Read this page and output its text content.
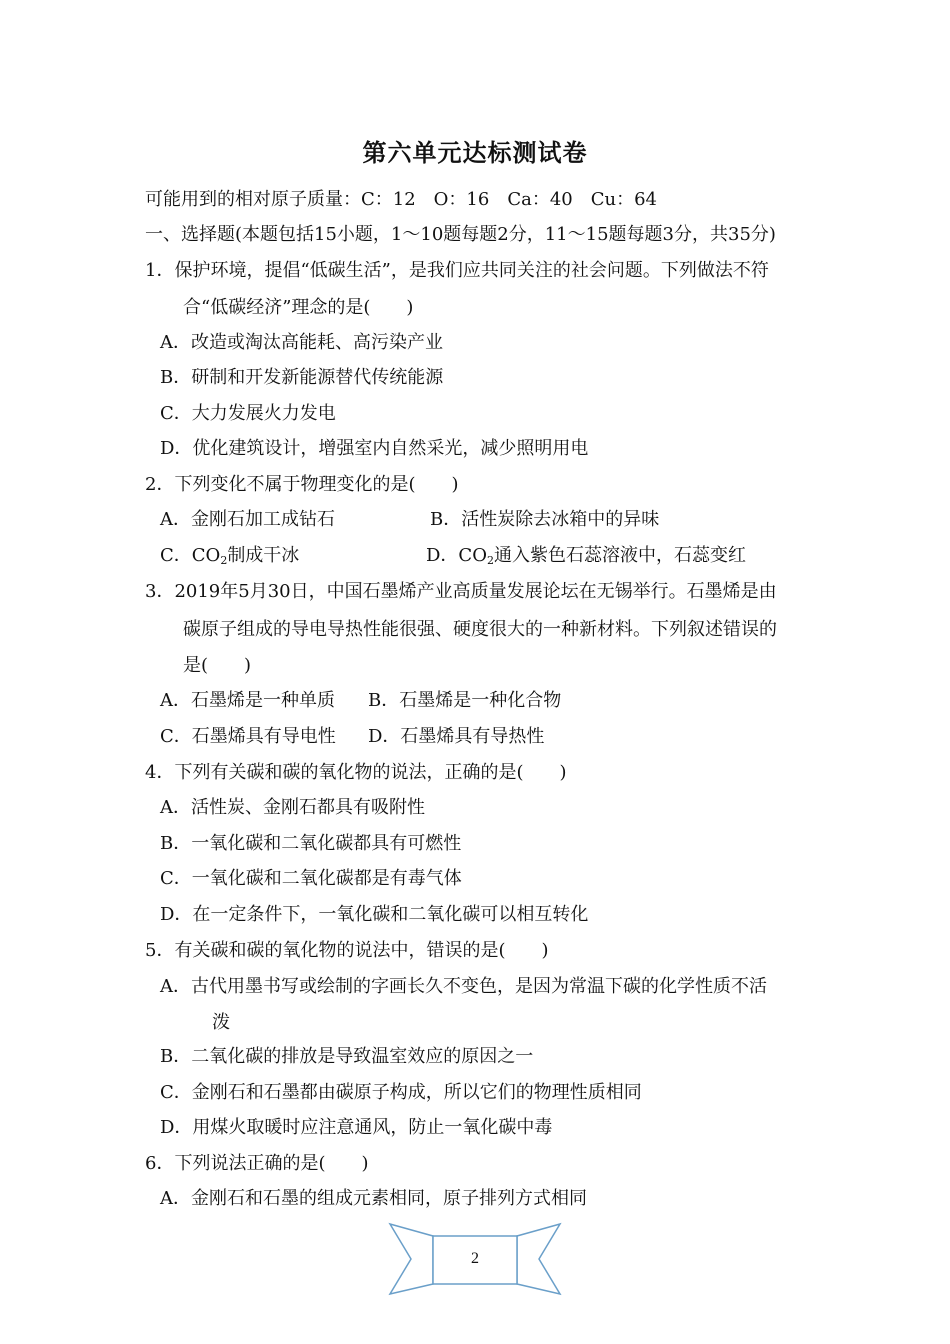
第六单元达标测试卷
可能用到的相对原子质量：C：12　O：16　Ca：40　Cu：64
一、选择题(本题包括15小题，1～10题每题2分，11～15题每题3分，共35分)
1．保护环境，提倡“低碳生活”，是我们应共同关注的社会问题。下列做法不符
合“低碳经济”理念的是(　　)
A．改造或淘汰高能耗、高污染产业
B．研制和开发新能源替代传统能源
C．大力发展火力发电
D．优化建筑设计，增强室内自然采光，减少照明用电
2．下列变化不属于物理变化的是(　　)
A．金刚石加工成钻石	B．活性炭除去冰箱中的异味
C．$CO_2$制成干冰	D．$CO_2$通入紫色石蕊溶液中，石蕊变红
3．2019年5月30日，中国石墨烯产业高质量发展论坛在无锡举行。石墨烯是由
碳原子组成的导电导热性能很强、硬度很大的一种新材料。下列叙述错误的
是(　　)
A．石墨烯是一种单质 B．石墨烯是一种化合物
C．石墨烯具有导电性 D．石墨烯具有导热性
4．下列有关碳和碳的氧化物的说法，正确的是(　　)
A．活性炭、金刚石都具有吸附性
B．一氧化碳和二氧化碳都具有可燃性
C．一氧化碳和二氧化碳都是有毒气体
D．在一定条件下，一氧化碳和二氧化碳可以相互转化
5．有关碳和碳的氧化物的说法中，错误的是(　　)
A．古代用墨书写或绘制的字画长久不变色，是因为常温下碳的化学性质不活
泼
B．二氧化碳的排放是导致温室效应的原因之一
C．金刚石和石墨都由碳原子构成，所以它们的物理性质相同
D．用煤火取暖时应注意通风，防止一氧化碳中毒
6．下列说法正确的是(　　)
A．金刚石和石墨的组成元素相同，原子排列方式相同
2
